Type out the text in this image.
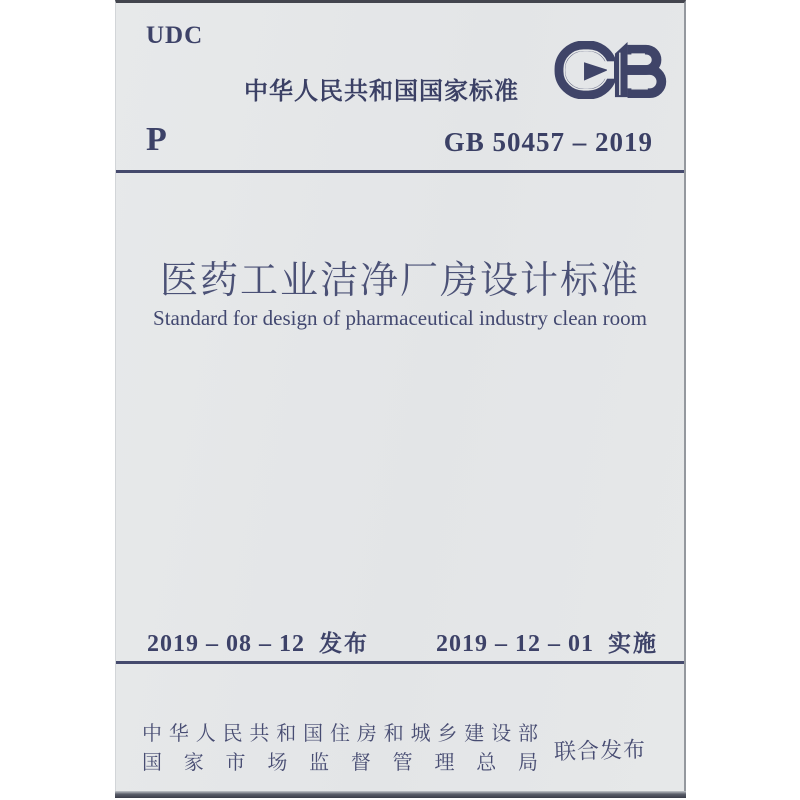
UDC
中华人民共和国国家标准
P	GB 50457 – 2019
医药工业洁净厂房设计标准
Standard for design of pharmaceutical industry clean room
2019 – 08 – 12 发布	2019 – 12 – 01 实施
中华人民共和国住房和城乡建设部
国家市场监督管理总局 联合发布
